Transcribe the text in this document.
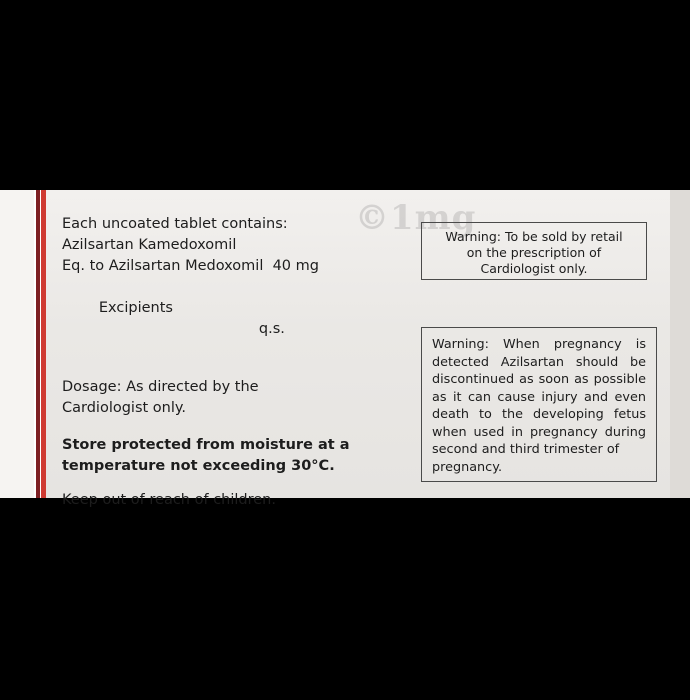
©1mg
Each uncoated tablet contains:
Azilsartan Kamedoxomil
Eq. to Azilsartan Medoxomil  40 mg

Excipients
q.s.

Dosage: As directed by the
Cardiologist only.
Store protected from moisture at a
temperature not exceeding 30°C.
Keep out of reach of children.
Warning: To be sold by retail
on the prescription of
Cardiologist only.
Warning: When pregnancy is detected Azilsartan should be discontinued as soon as possible as it can cause injury and even death to the developing fetus when used in pregnancy during second and third trimester of
pregnancy.
